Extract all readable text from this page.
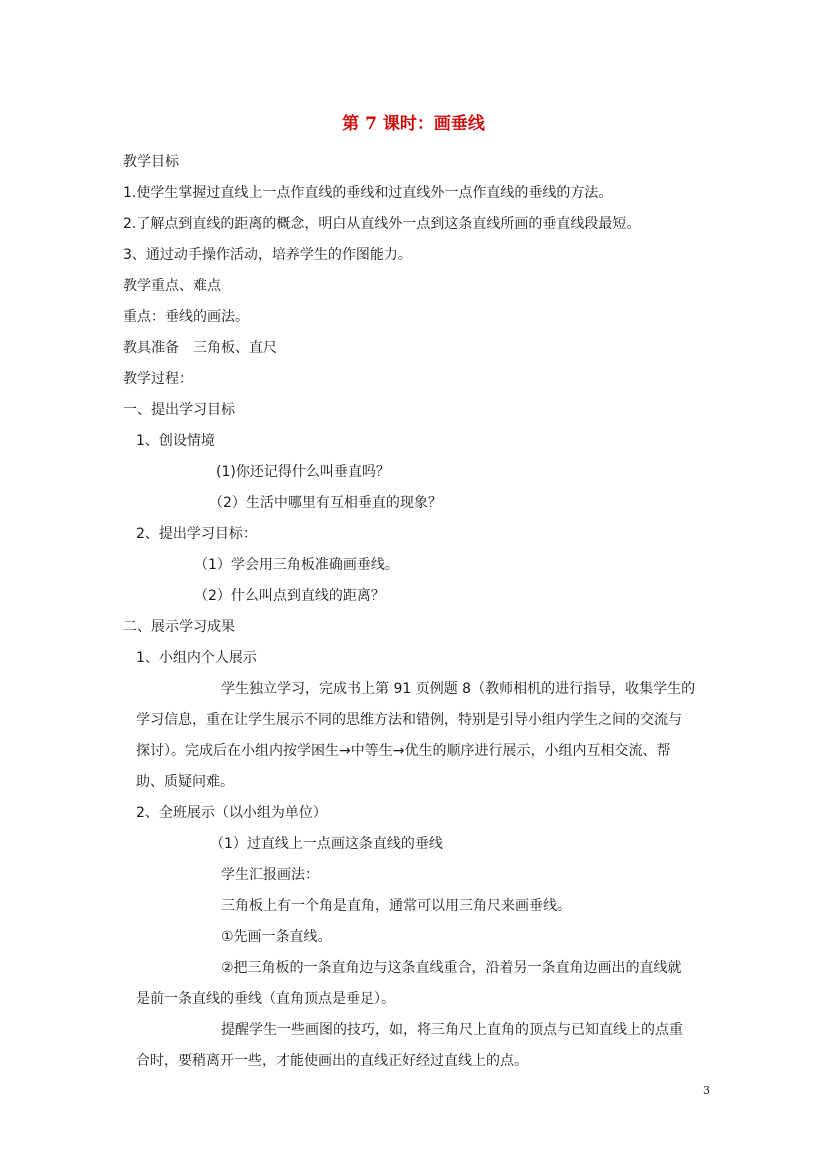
第 7 课时：画垂线
教学目标
1.使学生掌握过直线上一点作直线的垂线和过直线外一点作直线的垂线的方法。
2.了解点到直线的距离的概念，明白从直线外一点到这条直线所画的垂直线段最短。
3、通过动手操作活动，培养学生的作图能力。
教学重点、难点
重点：垂线的画法。
教具准备　三角板、直尺
教学过程：
一、提出学习目标
1、创设情境
(1)你还记得什么叫垂直吗？
（2）生活中哪里有互相垂直的现象？
2、提出学习目标：
（1）学会用三角板准确画垂线。
（2）什么叫点到直线的距离？
二、展示学习成果
1、小组内个人展示
学生独立学习，完成书上第 91 页例题 8（教师相机的进行指导，收集学生的
学习信息，重在让学生展示不同的思维方法和错例，特别是引导小组内学生之间的交流与
探讨）。完成后在小组内按学困生→中等生→优生的顺序进行展示，小组内互相交流、帮
助、质疑问难。
2、全班展示（以小组为单位）
（1）过直线上一点画这条直线的垂线
学生汇报画法：
三角板上有一个角是直角，通常可以用三角尺来画垂线。
①先画一条直线。
②把三角板的一条直角边与这条直线重合，沿着另一条直角边画出的直线就
是前一条直线的垂线（直角顶点是垂足）。
提醒学生一些画图的技巧，如，将三角尺上直角的顶点与已知直线上的点重
合时，要稍离开一些，才能使画出的直线正好经过直线上的点。
3
